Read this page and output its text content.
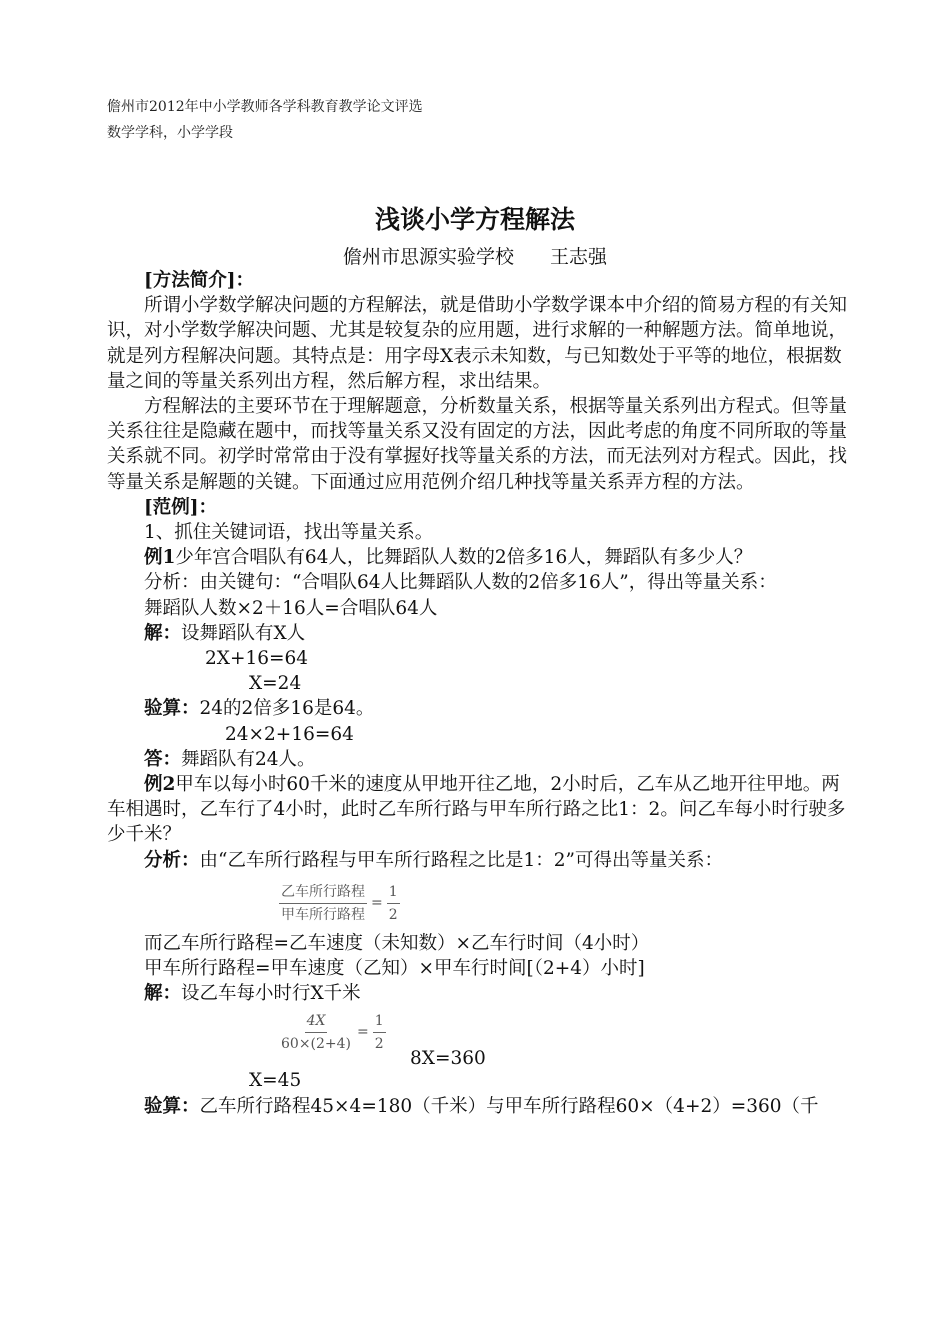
儋州市2012年中小学教师各学科教育教学论文评选
数学学科，小学学段
浅谈小学方程解法
儋州市思源实验学校 王志强

[方法简介]：

所谓小学数学解决问题的方程解法，就是借助小学数学课本中介绍的简易方程的有关知识，对小学数学解决问题、尤其是较复杂的应用题，进行求解的一种解题方法。简单地说，就是列方程解决问题。其特点是：用字母X表示未知数，与已知数处于平等的地位，根据数量之间的等量关系列出方程，然后解方程，求出结果。

方程解法的主要环节在于理解题意，分析数量关系，根据等量关系列出方程式。但等量关系往往是隐藏在题中，而找等量关系又没有固定的方法，因此考虑的角度不同所取的等量关系就不同。初学时常常由于没有掌握好找等量关系的方法，而无法列对方程式。因此，找等量关系是解题的关键。下面通过应用范例介绍几种找等量关系弄方程的方法。

[范例]：

1、抓住关键词语，找出等量关系。

例1少年宫合唱队有64人，比舞蹈队人数的2倍多16人，舞蹈队有多少人？

分析：由关键句：“合唱队64人比舞蹈队人数的2倍多16人”，得出等量关系：

舞蹈队人数×2＋16人=合唱队64人

解：设舞蹈队有X人

2X+16=64

X=24

验算：24的2倍多16是64。

24×2+16=64

答：舞蹈队有24人。

例2甲车以每小时60千米的速度从甲地开往乙地，2小时后，乙车从乙地开往甲地。两车相遇时，乙车行了4小时，此时乙车所行路与甲车所行路之比1：2。问乙车每小时行驶多少千米？

分析：由“乙车所行路程与甲车所行路程之比是1：2”可得出等量关系：

$\frac{\text{乙车所行路程}}{\text{甲车所行路程}} = \frac{1}{2}$

而乙车所行路程=乙车速度（未知数）×乙车行时间（4小时）

甲车所行路程=甲车速度（乙知）×甲车行时间[（2+4）小时]

解：设乙车每小时行X千米

$\frac{4X}{60\times(2+4)} = \frac{1}{2}$
8X=360

X=45

验算：乙车所行路程45×4=180（千米）与甲车所行路程60×（4+2）=360（千
